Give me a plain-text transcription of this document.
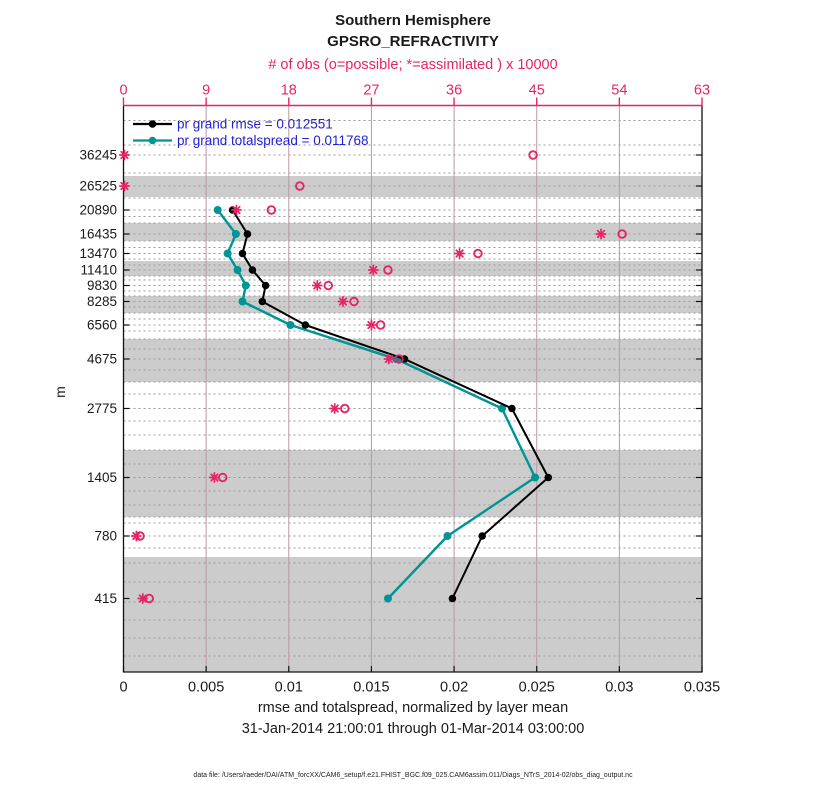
Southern Hemisphere
GPSRO_REFRACTIVITY
# of obs (o=possible; *=assimilated ) x 10000
0	0.005	0.01	0.015	0.02	0.025	0.03	0.035
0	9	18	27	36	45	54	63
36245
26525
20890
16435
13470
11410
9830
8285
6560
4675
2775
1405
780
415
pr grand rmse = 0.012551
pr grand totalspread = 0.011768
m
rmse and totalspread, normalized by layer mean
31-Jan-2014 21:00:01 through 01-Mar-2014 03:00:00
data file: /Users/raeder/DAI/ATM_forcXX/CAM6_setup/f.e21.FHIST_BGC.f09_025.CAM6assim.011/Diags_NTrS_2014-02/obs_diag_output.nc
